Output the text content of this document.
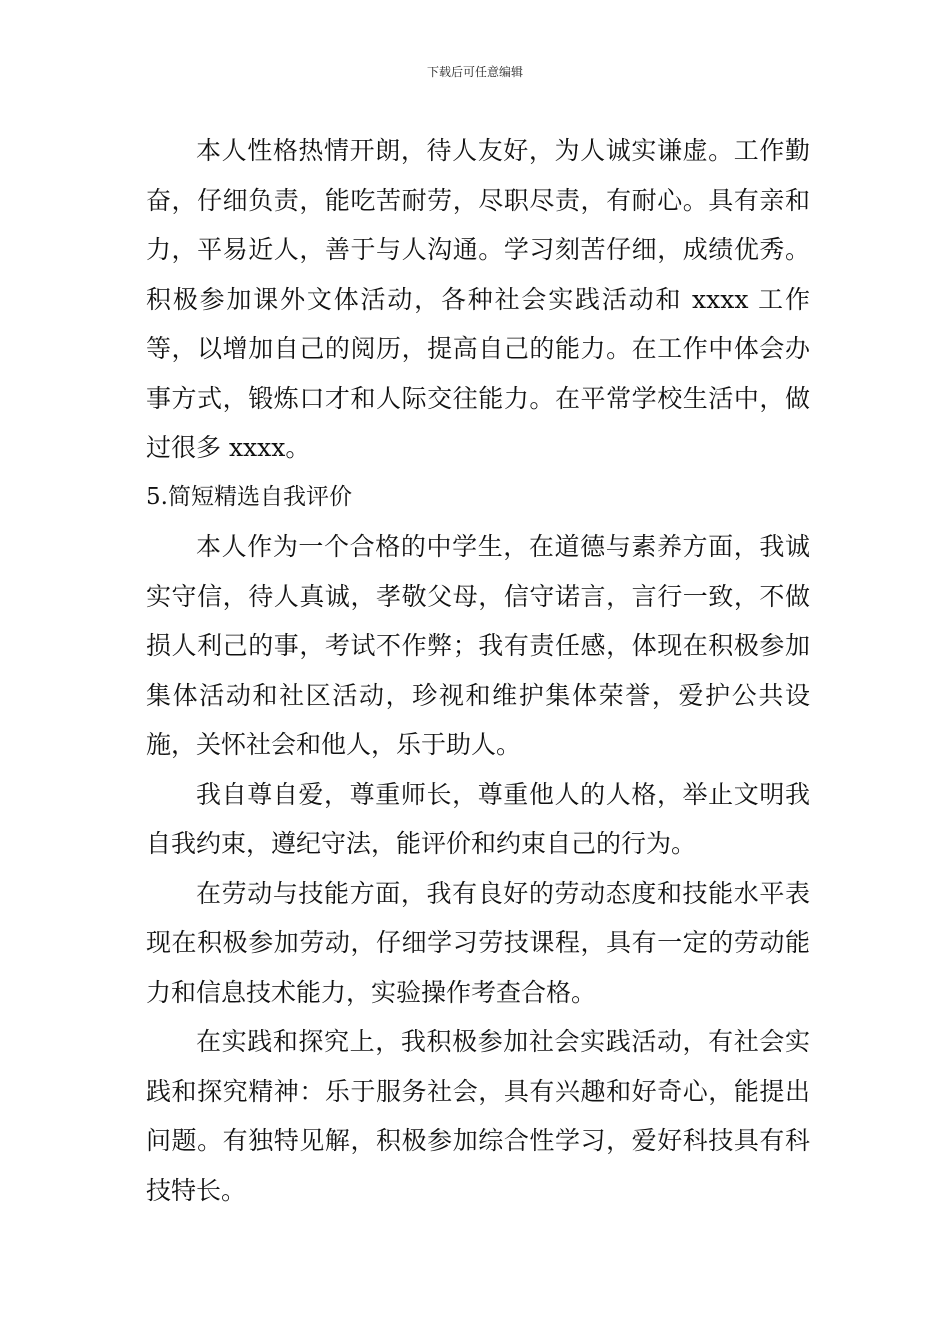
下载后可任意编辑

本人性格热情开朗，待人友好，为人诚实谦虚。工作勤奋，仔细负责，能吃苦耐劳，尽职尽责，有耐心。具有亲和力，平易近人，善于与人沟通。学习刻苦仔细，成绩优秀。积极参加课外文体活动，各种社会实践活动和 xxxx 工作等，以增加自己的阅历，提高自己的能力。在工作中体会办事方式，锻炼口才和人际交往能力。在平常学校生活中，做过很多 xxxx。

5.简短精选自我评价

本人作为一个合格的中学生，在道德与素养方面，我诚实守信，待人真诚，孝敬父母，信守诺言，言行一致，不做损人利己的事，考试不作弊；我有责任感，体现在积极参加集体活动和社区活动，珍视和维护集体荣誉，爱护公共设施，关怀社会和他人，乐于助人。

我自尊自爱，尊重师长，尊重他人的人格，举止文明我自我约束，遵纪守法，能评价和约束自己的行为。

在劳动与技能方面，我有良好的劳动态度和技能水平表现在积极参加劳动，仔细学习劳技课程，具有一定的劳动能力和信息技术能力，实验操作考查合格。

在实践和探究上，我积极参加社会实践活动，有社会实践和探究精神：乐于服务社会，具有兴趣和好奇心，能提出问题。有独特见解，积极参加综合性学习，爱好科技具有科技特长。
